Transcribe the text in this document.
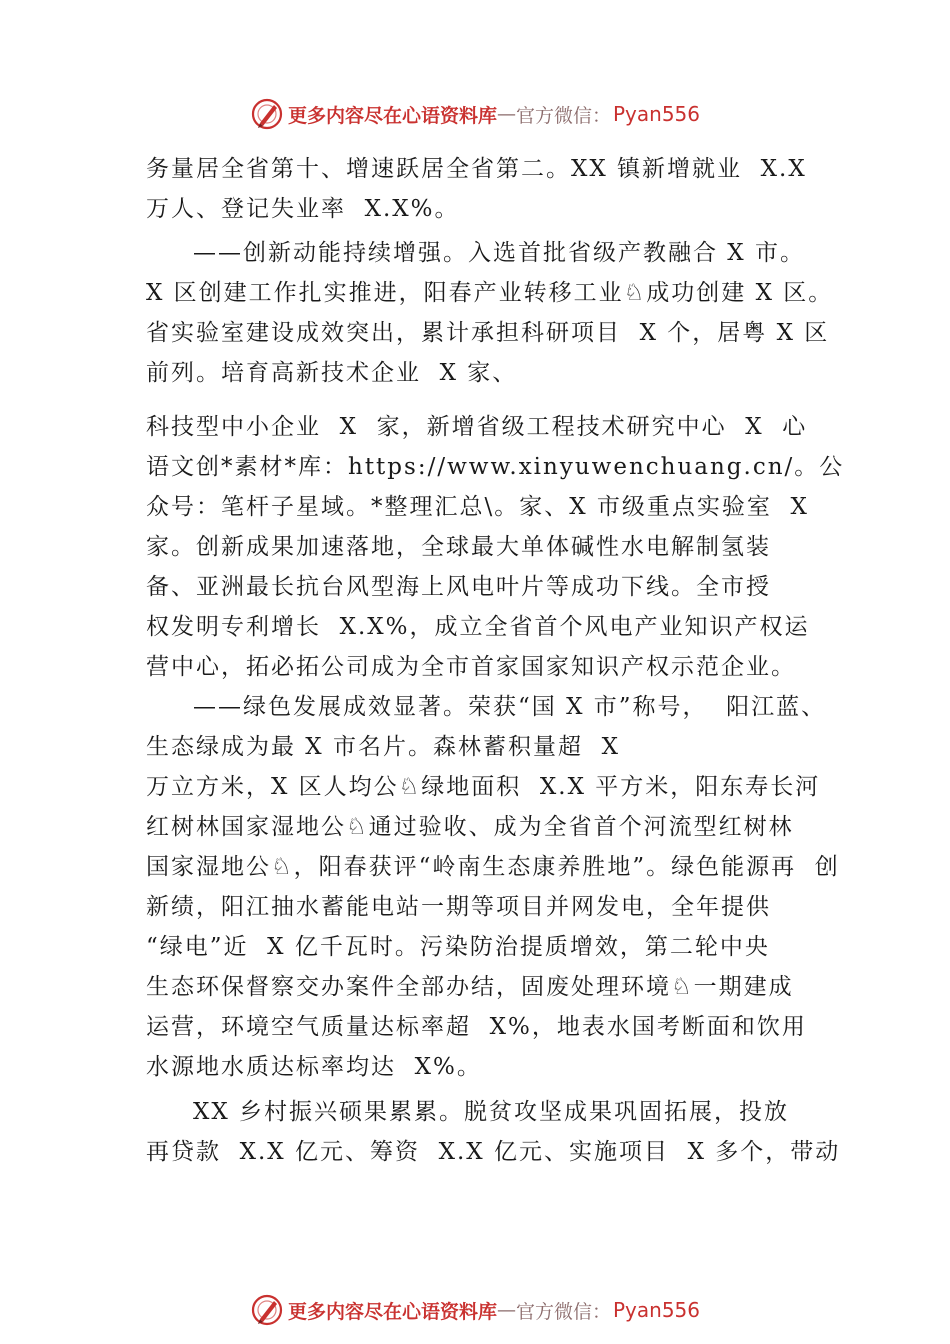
更多内容尽在心语资料库 — 官方微信： Pyan556
务量居全省第十、增速跃居全省第二。XX 镇新增就业  X.X
万人、登记失业率  X.X%。
——创新动能持续增强。入选首批省级产教融合 X 市。
X 区创建工作扎实推进，阳春产业转移工业♘成功创建 X 区。
省实验室建设成效突出，累计承担科研项目  X 个，居粤 X 区
前列。培育高新技术企业  X 家、
科技型中小企业  X  家，新增省级工程技术研究中心  X  心
语文创*素材*库：https://www.xinyuwenchuang.cn/。公
众号：笔杆子星域。*整理汇总\。家、X 市级重点实验室  X
家。创新成果加速落地，全球最大单体碱性水电解制氢装
备、亚洲最长抗台风型海上风电叶片等成功下线。全市授
权发明专利增长  X.X%，成立全省首个风电产业知识产权运
营中心，拓必拓公司成为全市首家国家知识产权示范企业。
——绿色发展成效显著。荣获“国 X 市”称号，  阳江蓝、
生态绿成为最 X 市名片。森林蓄积量超  X
万立方米，X 区人均公♘绿地面积  X.X 平方米，阳东寿长河
红树林国家湿地公♘通过验收、成为全省首个河流型红树林
国家湿地公♘，阳春获评“岭南生态康养胜地”。绿色能源再  创
新绩，阳江抽水蓄能电站一期等项目并网发电，全年提供
“绿电”近  X 亿千瓦时。污染防治提质增效，第二轮中央
生态环保督察交办案件全部办结，固废处理环境♘一期建成
运营，环境空气质量达标率超  X%，地表水国考断面和饮用
水源地水质达标率均达  X%。
XX 乡村振兴硕果累累。脱贫攻坚成果巩固拓展，投放
再贷款  X.X 亿元、筹资  X.X 亿元、实施项目  X 多个，带动
更多内容尽在心语资料库 — 官方微信： Pyan556
